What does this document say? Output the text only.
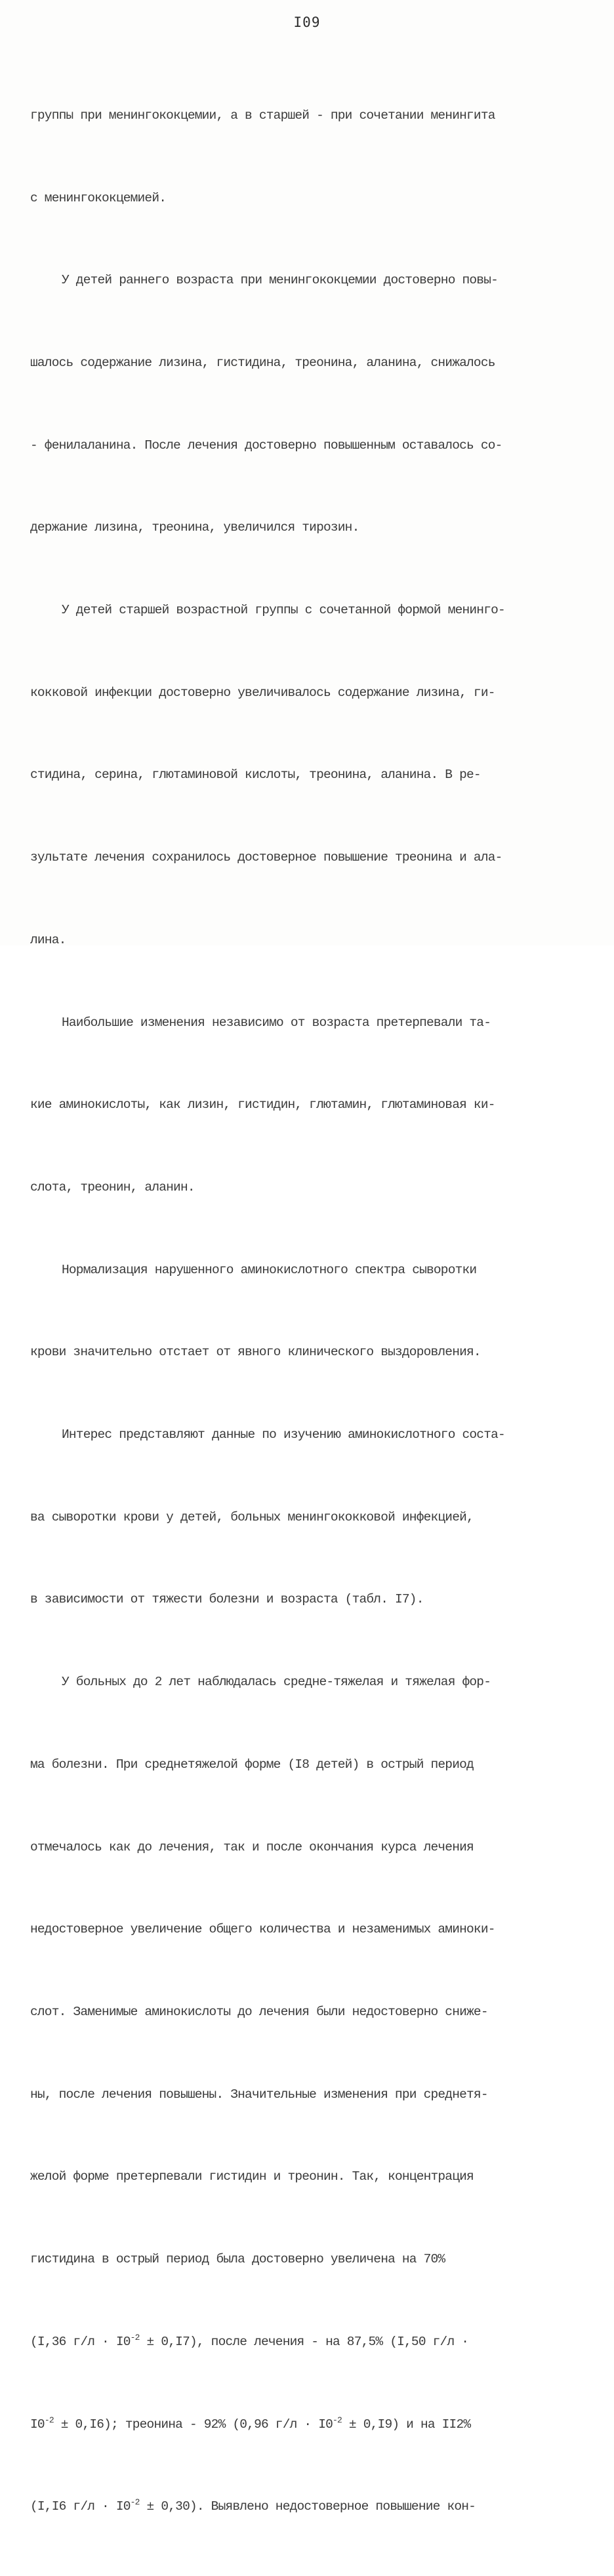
I09

группы при менингококцемии, а в старшей - при сочетании менингита

с менингококцемией.

У детей раннего возраста при менингококцемии достоверно повы-

шалось содержание лизина, гистидина, треонина, аланина, снижалось

- фенилаланина. После лечения достоверно повышенным оставалось со-

держание лизина, треонина, увеличился тирозин.

У детей старшей возрастной группы с сочетанной формой менинго-

кокковой инфекции достоверно увеличивалось содержание лизина, ги-

стидина, серина, глютаминовой кислоты, треонина, аланина. В ре-

зультате лечения сохранилось достоверное повышение треонина и ала-

лина.

Наибольшие изменения независимо от возраста претерпевали та-

кие аминокислоты, как лизин, гистидин, глютамин, глютаминовая ки-

слота, треонин, аланин.

Нормализация нарушенного аминокислотного спектра сыворотки

крови значительно отстает от явного клинического выздоровления.

Интерес представляют данные по изучению аминокислотного соста-

ва сыворотки крови у детей, больных менингококковой инфекцией,

в зависимости от тяжести болезни и возраста (табл. I7).

У больных до 2 лет наблюдалась средне-тяжелая и тяжелая фор-

ма болезни. При среднетяжелой форме (I8 детей) в острый период

отмечалось как до лечения, так и после окончания курса лечения

недостоверное увеличение общего количества и незаменимых аминоки-

слот. Заменимые аминокислоты до лечения были недостоверно сниже-

ны, после лечения повышены. Значительные изменения при среднетя-

желой форме претерпевали гистидин и треонин. Так, концентрация

гистидина в острый период была достоверно увеличена на 70%

(I,36 $г/л \cdot I0^{-2} \pm 0,I7$), после лечения - на 87,5% (I,50 г/л ·

$I0^{-2} \pm 0,I6$); треонина - 92% (0,96 $г/л \cdot I0^{-2} \pm 0,I9$) и на II2%

(I,I6 $г/л \cdot I0^{-2} \pm 0,30$). Выявлено недостоверное повышение кон-
